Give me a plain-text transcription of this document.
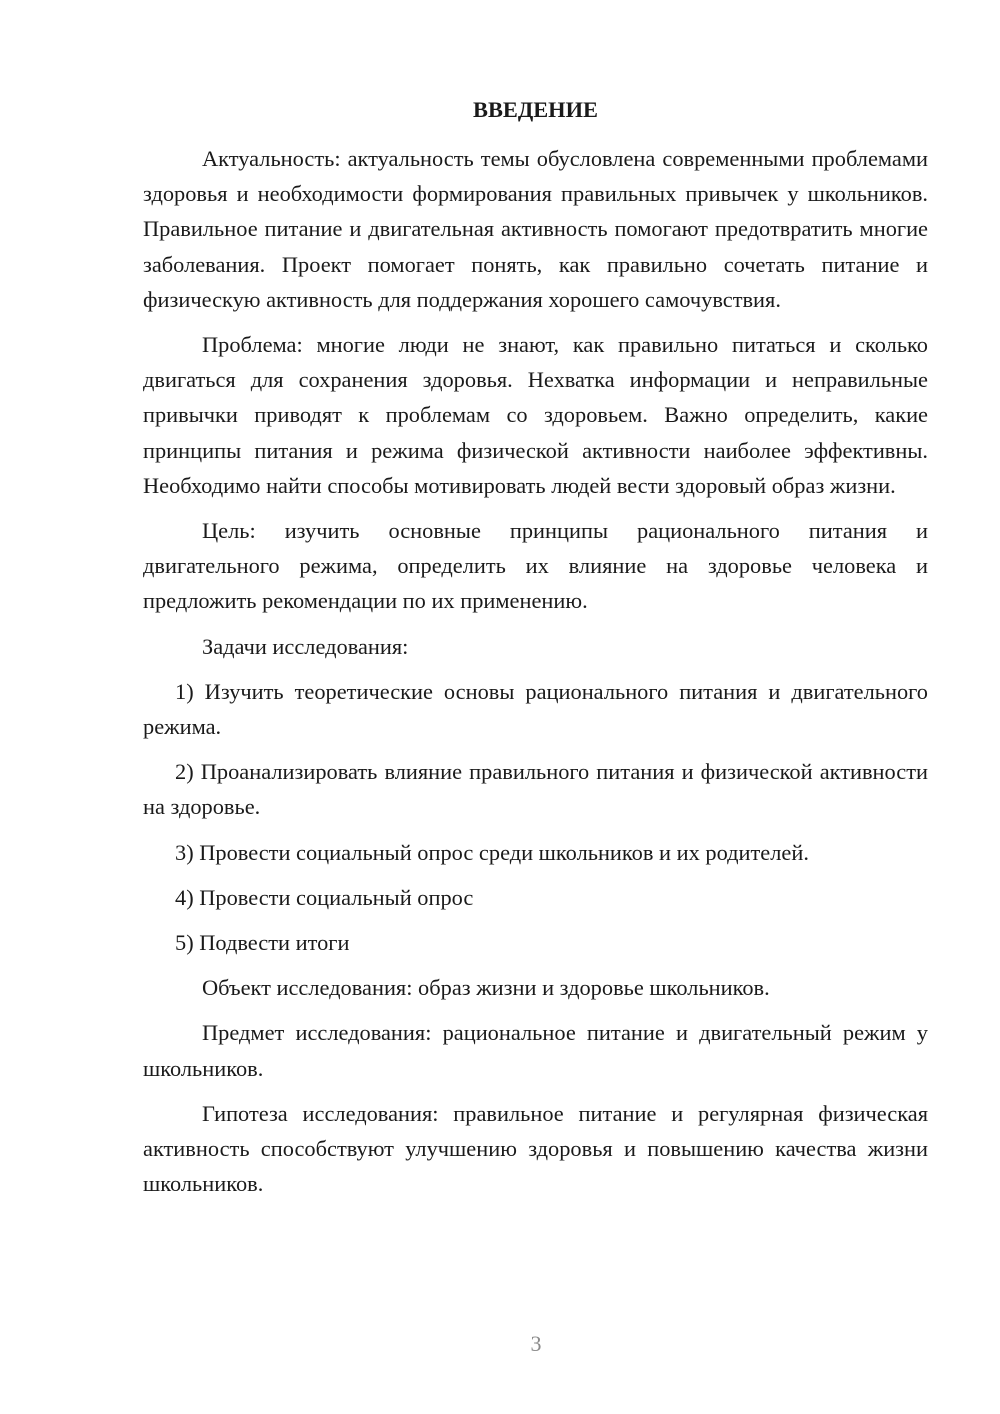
ВВЕДЕНИЕ

Актуальность: актуальность темы обусловлена современными проблемами здоровья и необходимости формирования правильных привычек у школьников. Правильное питание и двигательная активность помогают предотвратить многие заболевания. Проект помогает понять, как правильно сочетать питание и физическую активность для поддержания хорошего самочувствия.

Проблема: многие люди не знают, как правильно питаться и сколько двигаться для сохранения здоровья. Нехватка информации и неправильные привычки приводят к проблемам со здоровьем. Важно определить, какие принципы питания и режима физической активности наиболее эффективны. Необходимо найти способы мотивировать людей вести здоровый образ жизни.

Цель: изучить основные принципы рационального питания и двигательного режима, определить их влияние на здоровье человека и предложить рекомендации по их применению.

Задачи исследования:

1) Изучить теоретические основы рационального питания и двигательного режима.

2) Проанализировать влияние правильного питания и физической активности на здоровье.

3) Провести социальный опрос среди школьников и их родителей.

4) Провести социальный опрос

5) Подвести итоги

Объект исследования: образ жизни и здоровье школьников.

Предмет исследования: рациональное питание и двигательный режим у школьников.

Гипотеза исследования: правильное питание и регулярная физическая активность способствуют улучшению здоровья и повышению качества жизни школьников.

3
